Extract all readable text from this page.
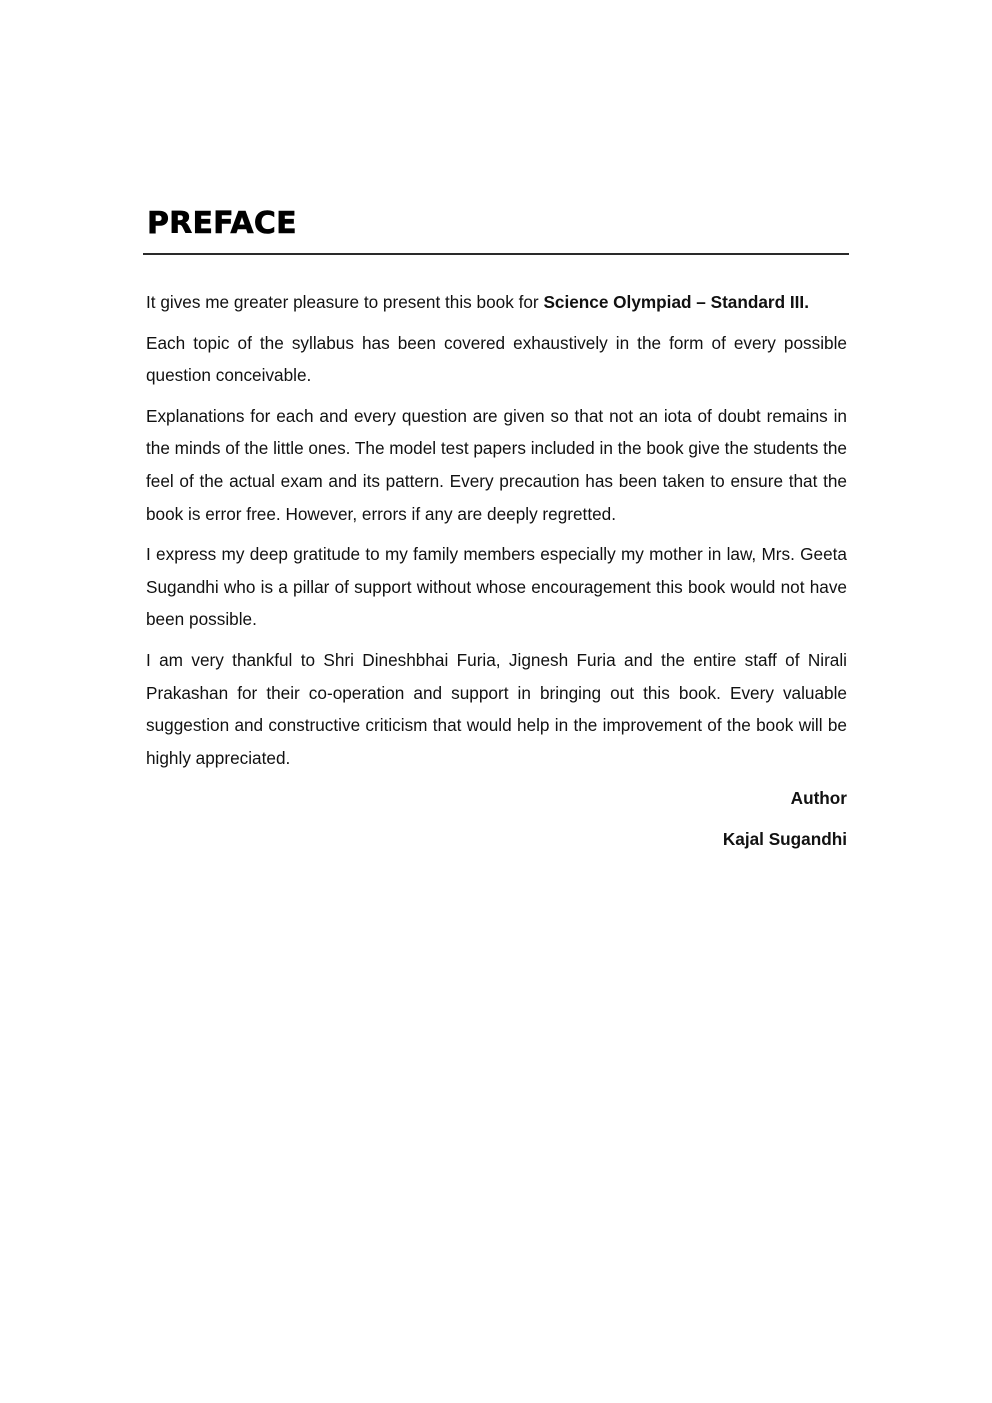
PREFACE

It gives me greater pleasure to present this book for Science Olympiad – Standard III.

Each topic of the syllabus has been covered exhaustively in the form of every possible question conceivable.

Explanations for each and every question are given so that not an iota of doubt remains in the minds of the little ones. The model test papers included in the book give the students the feel of the actual exam and its pattern. Every precaution has been taken to ensure that the book is error free. However, errors if any are deeply regretted.

I express my deep gratitude to my family members especially my mother in law, Mrs. Geeta Sugandhi who is a pillar of support without whose encouragement this book would not have been possible.

I am very thankful to Shri Dineshbhai Furia, Jignesh Furia and the entire staff of Nirali Prakashan for their co-operation and support in bringing out this book. Every valuable suggestion and constructive criticism that would help in the improvement of the book will be highly appreciated.

Author

Kajal Sugandhi
